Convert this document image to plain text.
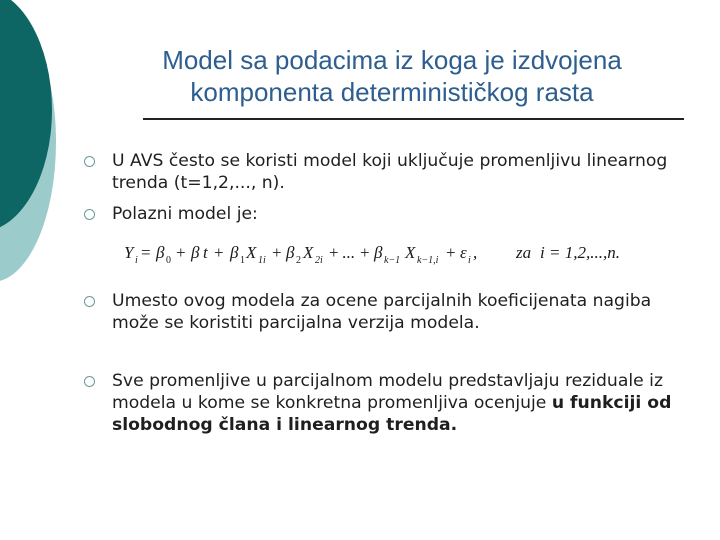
Model sa podacima iz koga je izdvojena
komponenta determinističkog rasta
U AVS često se koristi model koji uključuje promenljivu linearnog trenda (t=1,2,..., n).
Polazni model je:
Y i = β 0 + β t + β 1 X 1i + β 2 X 2i + ... + β k−1 X k−1,i + ε i , za i = 1,2,...,n.
Umesto ovog modela za ocene parcijalnih koeficijenata nagiba može se koristiti parcijalna verzija modela.
Sve promenljive u parcijalnom modelu predstavljaju reziduale iz modela u kome se konkretna promenljiva ocenjuje u funkciji od slobodnog člana i linearnog trenda.
